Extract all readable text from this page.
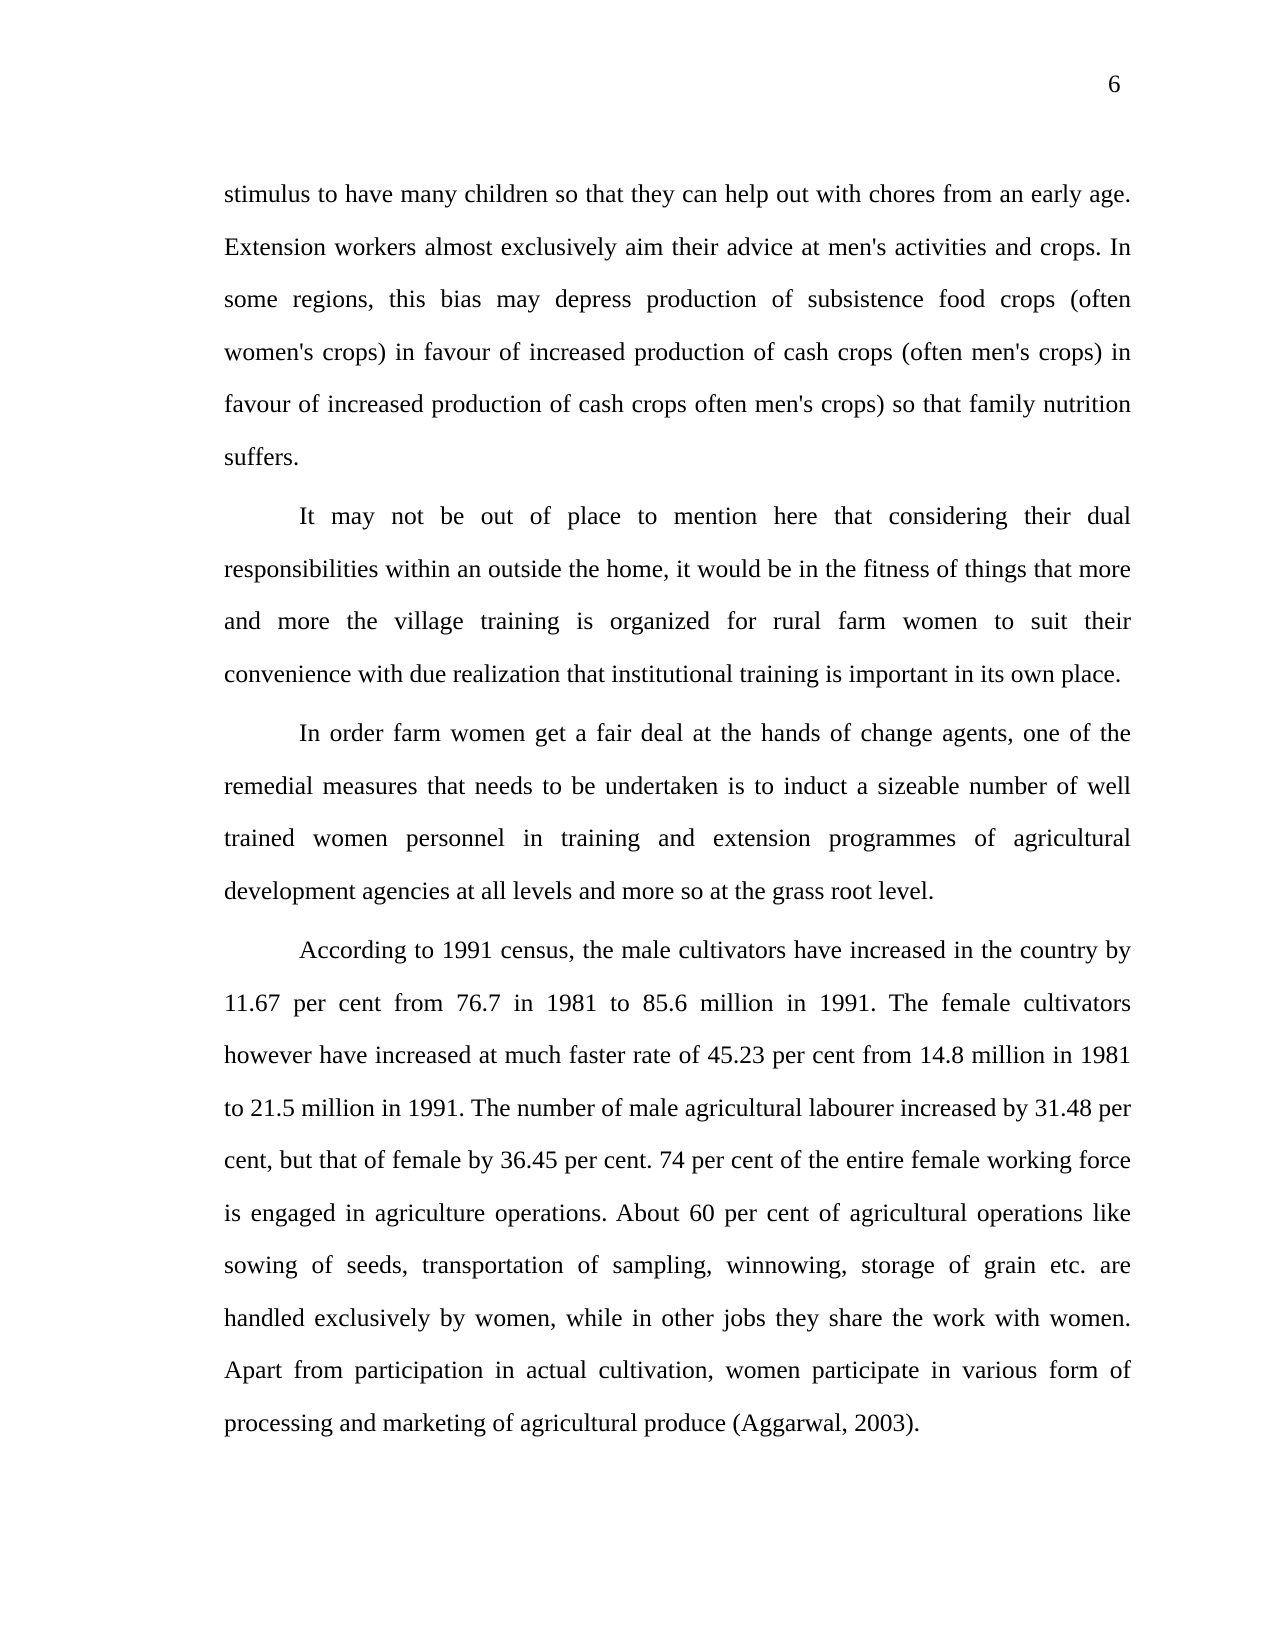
6

stimulus to have many children so that they can help out with chores from an early age. Extension workers almost exclusively aim their advice at men's activities and crops. In some regions, this bias may depress production of subsistence food crops (often women's crops) in favour of increased production of cash crops (often men's crops) in favour of increased production of cash crops often men's crops) so that family nutrition suffers.

It may not be out of place to mention here that considering their dual responsibilities within an outside the home, it would be in the fitness of things that more and more the village training is organized for rural farm women to suit their convenience with due realization that institutional training is important in its own place.

In order farm women get a fair deal at the hands of change agents, one of the remedial measures that needs to be undertaken is to induct a sizeable number of well trained women personnel in training and extension programmes of agricultural development agencies at all levels and more so at the grass root level.

According to 1991 census, the male cultivators have increased in the country by 11.67 per cent from 76.7 in 1981 to 85.6 million in 1991. The female cultivators however have increased at much faster rate of 45.23 per cent from 14.8 million in 1981 to 21.5 million in 1991. The number of male agricultural labourer increased by 31.48 per cent, but that of female by 36.45 per cent. 74 per cent of the entire female working force is engaged in agriculture operations. About 60 per cent of agricultural operations like sowing of seeds, transportation of sampling, winnowing, storage of grain etc. are handled exclusively by women, while in other jobs they share the work with women. Apart from participation in actual cultivation, women participate in various form of processing and marketing of agricultural produce (Aggarwal, 2003).
